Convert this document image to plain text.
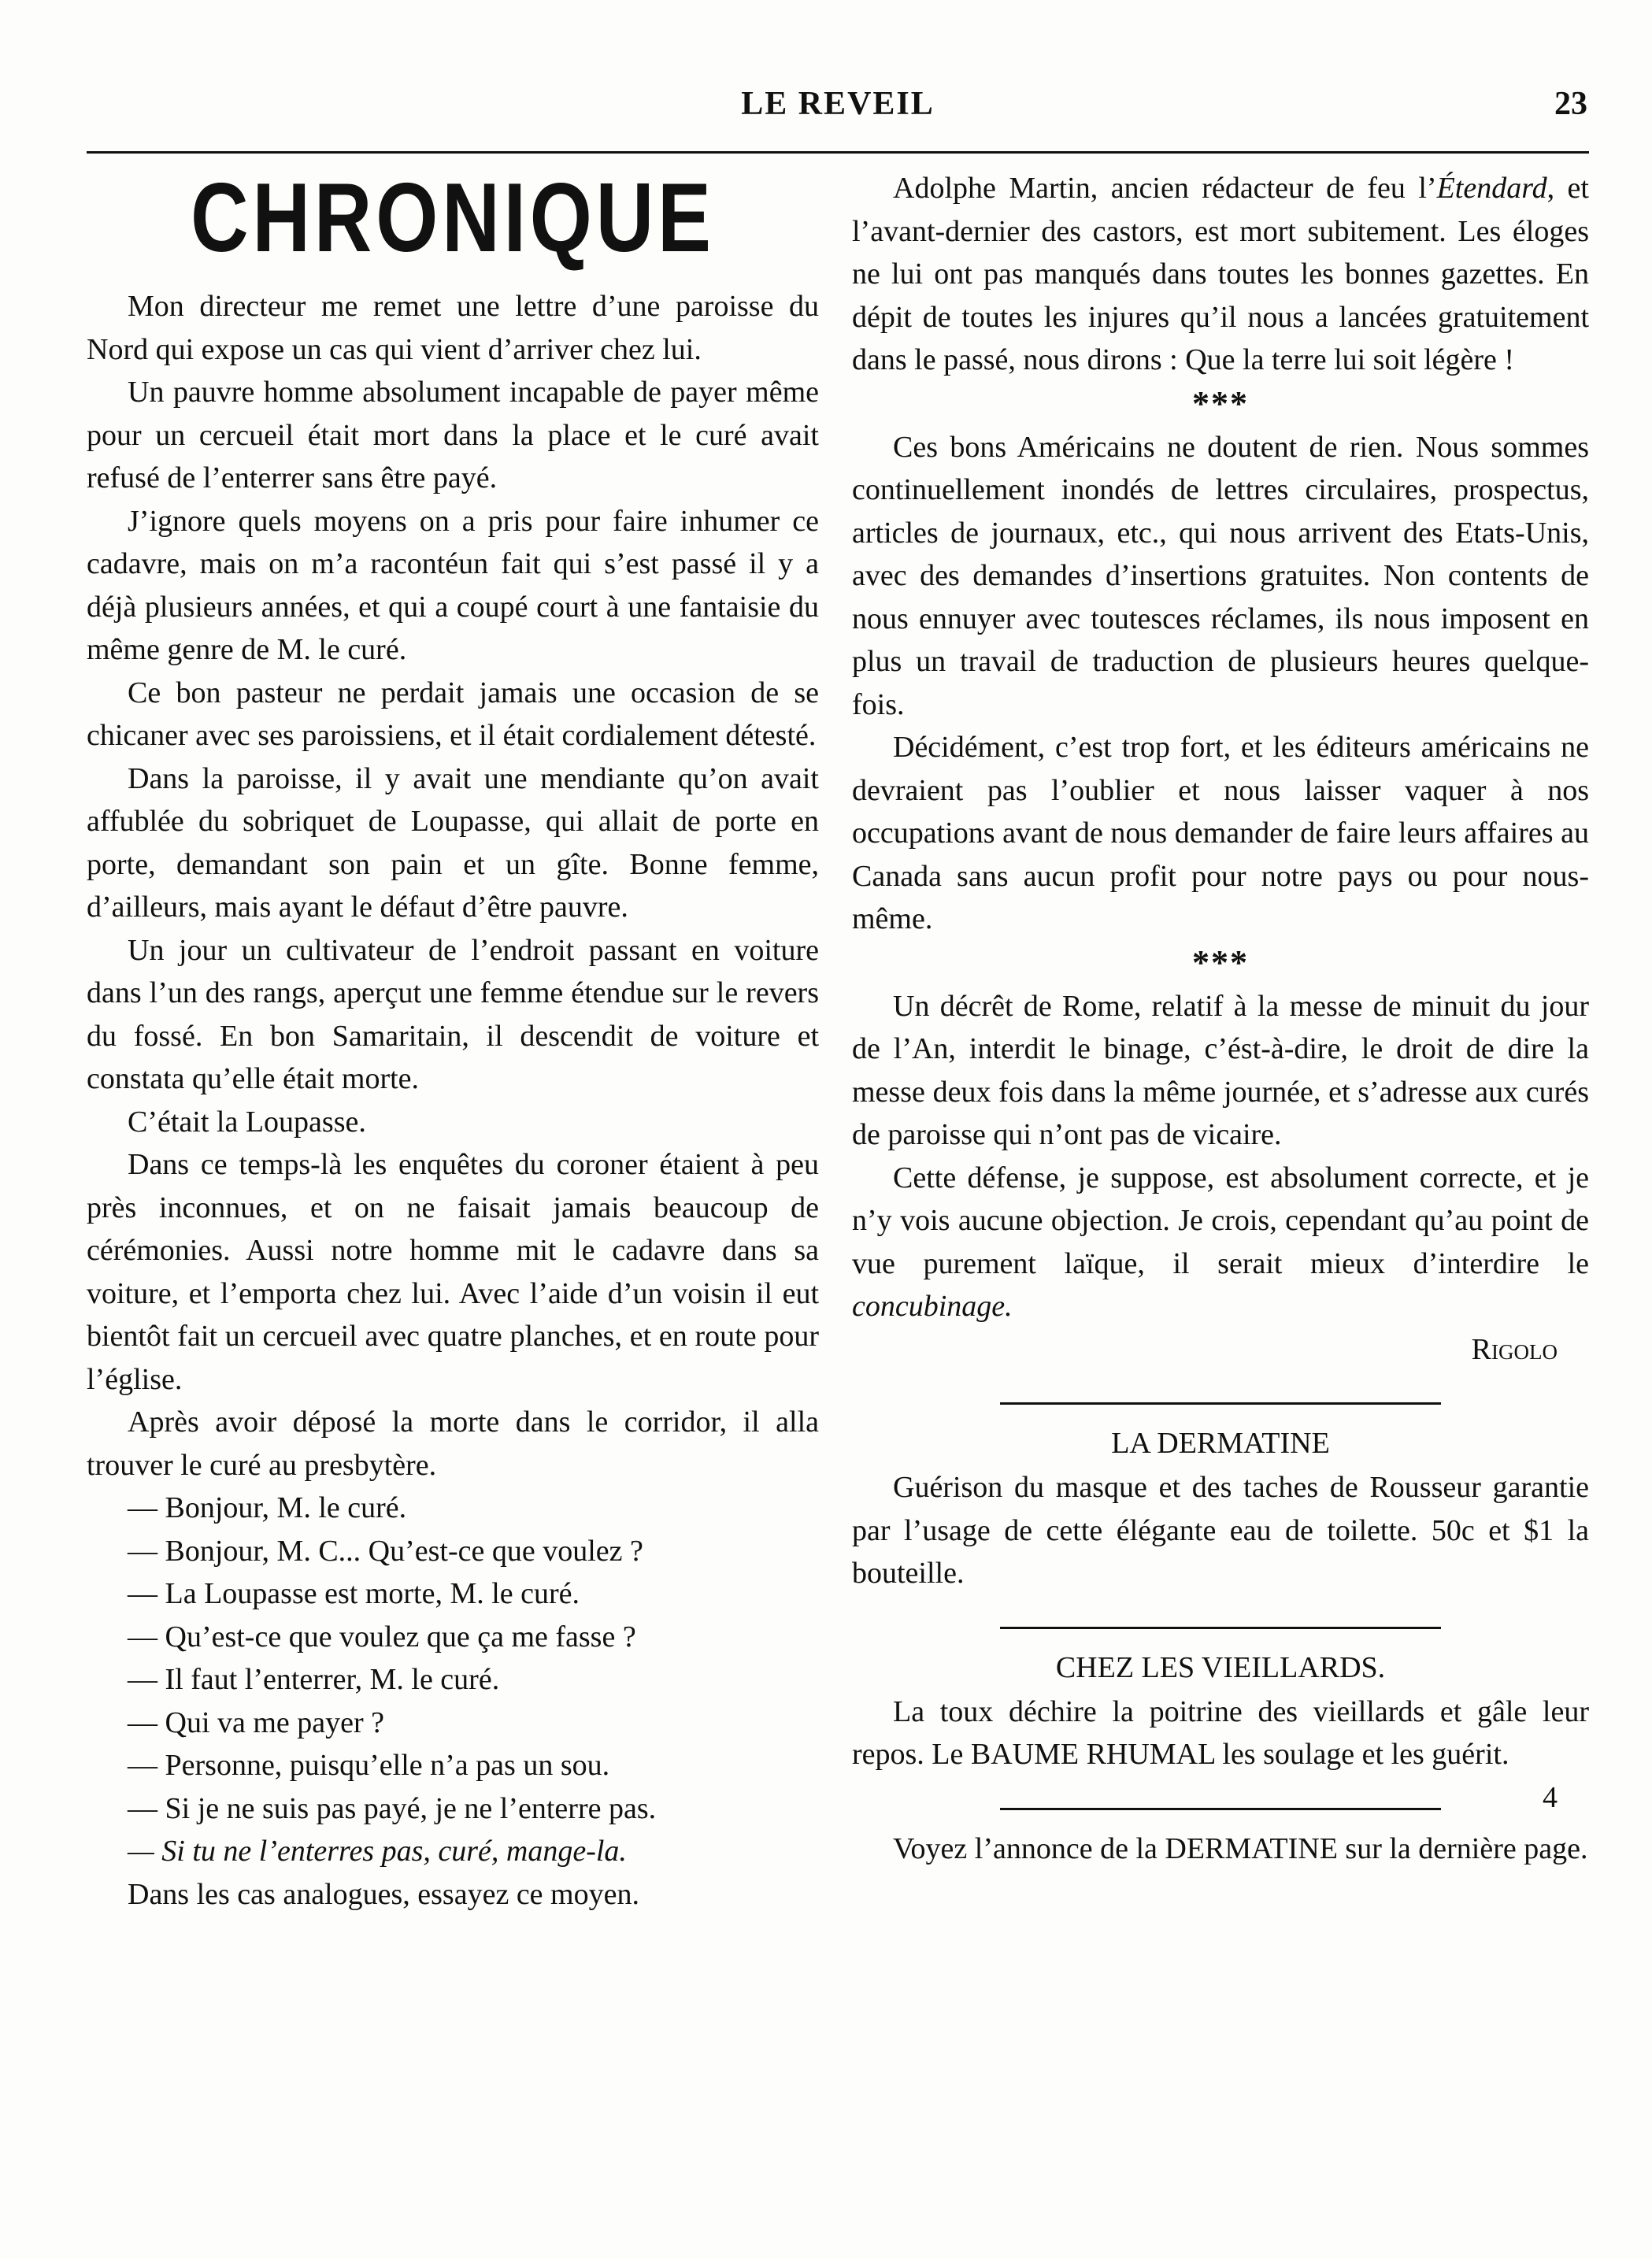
LE REVEIL	23
CHRONIQUE

Mon directeur me remet une lettre d’une paroisse du Nord qui expose un cas qui vient d’arriver chez lui.

Un pauvre homme absolument incapable de payer même pour un cercueil était mort dans la place et le curé avait refusé de l’enterrer sans être payé.

J’ignore quels moyens on a pris pour faire inhumer ce cadavre, mais on m’a racontéun fait qui s’est passé il y a déjà plusieurs années, et qui a coupé court à une fantaisie du même genre de M. le curé.

Ce bon pasteur ne perdait jamais une occasion de se chicaner avec ses paroissiens, et il était cordialement détesté.

Dans la paroisse, il y avait une mendiante qu’on avait affublée du sobriquet de Loupasse, qui allait de porte en porte, demandant son pain et un gîte. Bonne femme, d’ailleurs, mais ayant le défaut d’être pauvre.

Un jour un cultivateur de l’endroit passant en voiture dans l’un des rangs, aperçut une femme étendue sur le revers du fossé. En bon Samaritain, il descendit de voiture et constata qu’elle était morte.

C’était la Loupasse.

Dans ce temps-là les enquêtes du coroner étaient à peu près inconnues, et on ne faisait jamais beaucoup de cérémonies. Aussi notre homme mit le cadavre dans sa voiture, et l’emporta chez lui. Avec l’aide d’un voisin il eut bientôt fait un cercueil avec quatre planches, et en route pour l’église.

Après avoir déposé la morte dans le corridor, il alla trouver le curé au presbytère.

— Bonjour, M. le curé.

— Bonjour, M. C... Qu’est-ce que voulez ?

— La Loupasse est morte, M. le curé.

— Qu’est-ce que voulez que ça me fasse ?

— Il faut l’enterrer, M. le curé.

— Qui va me payer ?

— Personne, puisqu’elle n’a pas un sou.

— Si je ne suis pas payé, je ne l’enterre pas.

— Si tu ne l’enterres pas, curé, mange-la.

Dans les cas analogues, essayez ce moyen.

Adolphe Martin, ancien rédacteur de feu l’Étendard, et l’avant-dernier des castors, est mort subitement. Les éloges ne lui ont pas manqués dans toutes les bonnes gazettes. En dépit de toutes les injures qu’il nous a lancées gratuitement dans le passé, nous dirons : Que la terre lui soit légère !

***

Ces bons Américains ne doutent de rien. Nous sommes continuellement inondés de lettres circulaires, prospectus, articles de journaux, etc., qui nous arrivent des Etats-Unis, avec des demandes d’insertions gratuites. Non contents de nous ennuyer avec toutesces réclames, ils nous imposent en plus un travail de traduction de plusieurs heures quelque-fois.

Décidément, c’est trop fort, et les éditeurs américains ne devraient pas l’oublier et nous laisser vaquer à nos occupations avant de nous demander de faire leurs affaires au Canada sans aucun profit pour notre pays ou pour nous-même.

***

Un décrêt de Rome, relatif à la messe de minuit du jour de l’An, interdit le binage, c’ést-à-dire, le droit de dire la messe deux fois dans la même journée, et s’adresse aux curés de paroisse qui n’ont pas de vicaire.

Cette défense, je suppose, est absolument correcte, et je n’y vois aucune objection. Je crois, cependant qu’au point de vue purement laïque, il serait mieux d’interdire le concubinage.

Rigolo
LA DERMATINE

Guérison du masque et des taches de Rousseur garantie par l’usage de cette élégante eau de toilette. 50c et $1 la bouteille.

CHEZ LES VIEILLARDS.

La toux déchire la poitrine des vieillards et gâle leur repos. Le BAUME RHUMAL les soulage et les guérit.
4

Voyez l’annonce de la DERMATINE sur la dernière page.
